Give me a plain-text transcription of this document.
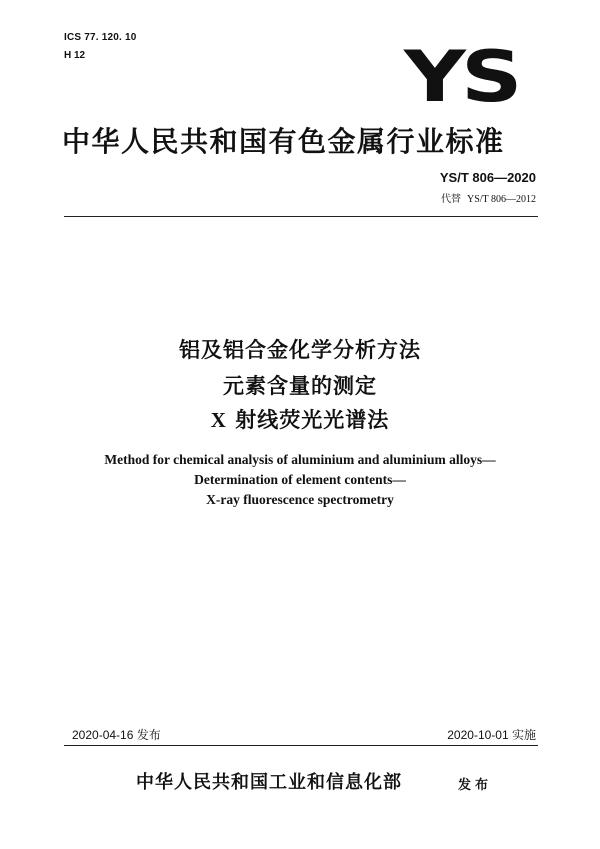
ICS 77. 120. 10
H 12	YS
中华人民共和国有色金属行业标准
YS/T 806—2020
代替 YS/T 806—2012
铝及铝合金化学分析方法
元素含量的测定
X 射线荧光光谱法
Method for chemical analysis of aluminium and aluminium alloys—
Determination of element contents—
X-ray fluorescence spectrometry
2020-04-16 发布	2020-10-01 实施
中华人民共和国工业和信息化部	发布
